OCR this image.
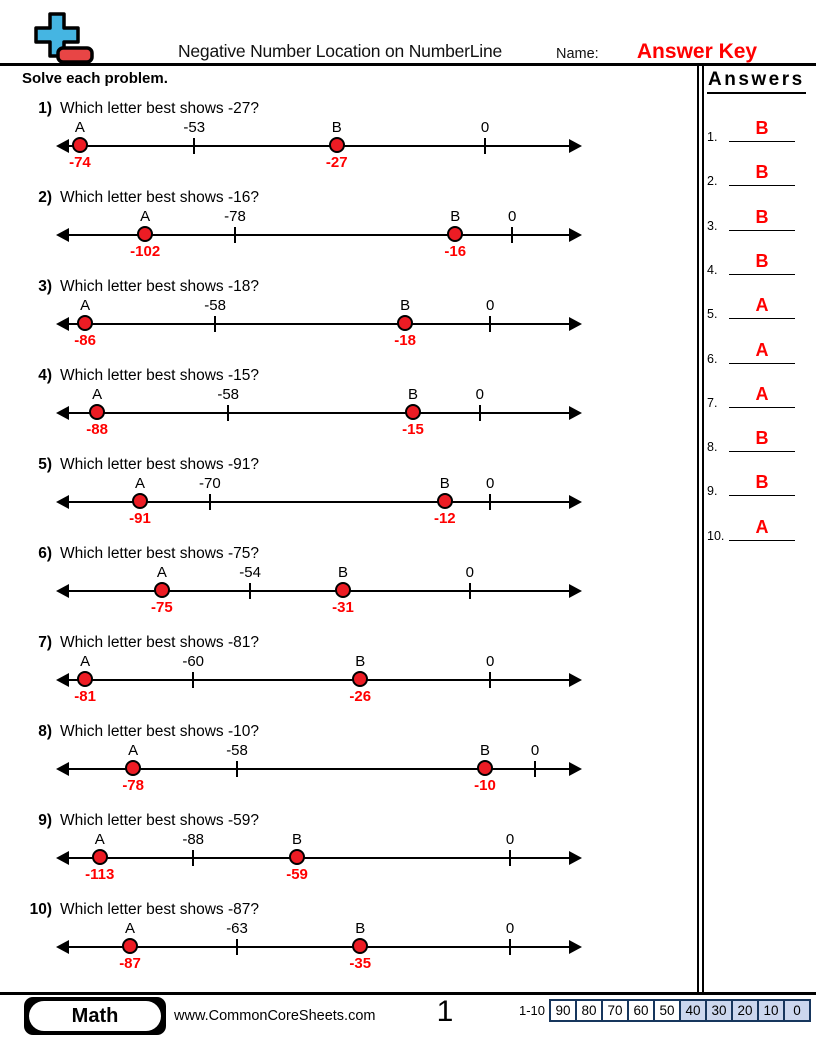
Negative Number Location on NumberLine	Name:	Answer Key
Solve each problem.	Answers
1.	B
2.	B
3.	B
4.	B
5.	A
6.	A
7.	A
8.	B
9.	B
10.	A
1) Which letter best shows -27?
A
-74
-53	B
-27
0
2) Which letter best shows -16?
A
-102
-78	B
-16
0
3) Which letter best shows -18?
A
-86
-58	B
-18
0
4) Which letter best shows -15?
A
-88
-58	B
-15
0
5) Which letter best shows -91?
A
-91
-70	B
-12
0
6) Which letter best shows -75?
A
-75
-54	B
-31
0
7) Which letter best shows -81?
A
-81
-60	B
-26
0
8) Which letter best shows -10?
A
-78
-58	B
-10
0
9) Which letter best shows -59?
A
-113
-88	B
-59
0
10) Which letter best shows -87?
A
-87
-63	B
-35
0
Math	www.CommonCoreSheets.com	1	1-10 90 80 70 60 50 40 30 20 10	0
